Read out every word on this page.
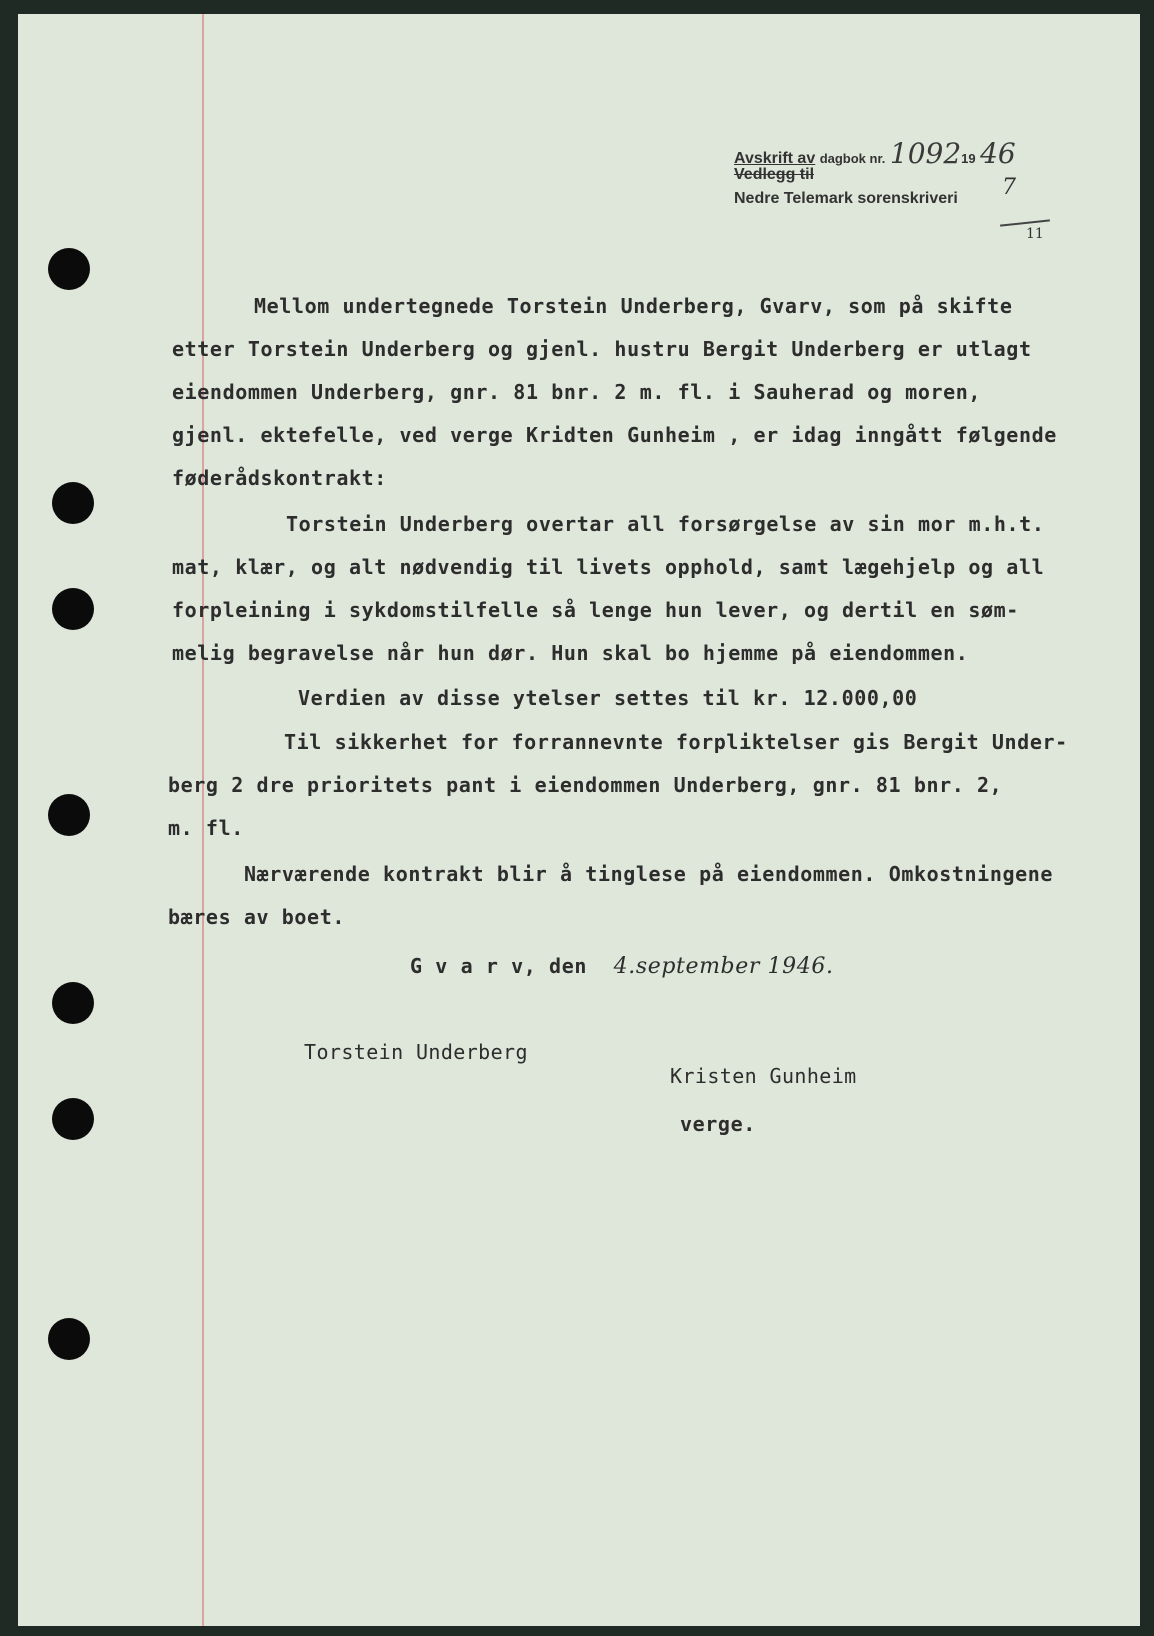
Avskrift av dagbok nr. 109219 46
Vedlegg til
Nedre Telemark sorenskriveri	7
11
Mellom undertegnede Torstein Underberg, Gvarv, som på skifte
etter Torstein Underberg og gjenl. hustru Bergit Underberg er utlagt
eiendommen Underberg, gnr. 81 bnr. 2 m. fl. i Sauherad og moren,
gjenl. ektefelle, ved verge Kridten Gunheim , er idag inngått følgende
føderådskontrakt:
Torstein Underberg overtar all forsørgelse av sin mor m.h.t.
mat, klær, og alt nødvendig til livets opphold, samt lægehjelp og all
forpleining i sykdomstilfelle så lenge hun lever, og dertil en søm-
melig begravelse når hun dør. Hun skal bo hjemme på eiendommen.
Verdien av disse ytelser settes til kr. 12.000,00
Til sikkerhet for forrannevnte forpliktelser gis Bergit Under-
berg 2 dre prioritets pant i eiendommen Underberg, gnr. 81 bnr. 2,
m. fl.
Nærværende kontrakt blir å tinglese på eiendommen. Omkostningene
bæres av boet.
G v a r v, den 4.september 1946.
Torstein Underberg
Kristen Gunheim
verge.
